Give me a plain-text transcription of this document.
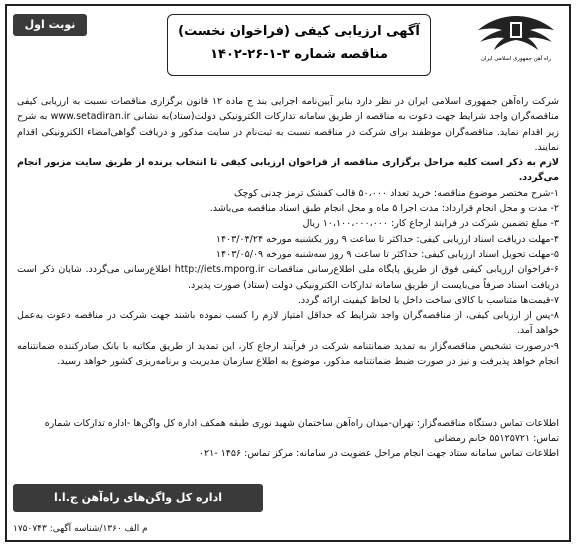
نوبت اول	آگهی ارزیابی کیفی (فراخوان نخست)
مناقصه شماره ۳-۱-۲۶-۱۴۰۲	راه آهن جمهوری اسلامی ایران

شرکت راه‌آهن جمهوری اسلامی ایران در نظر دارد بنابر آیین‌نامه اجرایی بند ج ماده ۱۲ قانون برگزاری مناقصات نسبت به ارزیابی کیفی مناقصه‌گران واجد شرایط جهت دعوت به مناقصه از طریق سامانه تدارکات الکترونیکی دولت(ستاد)به نشانی www.setadiran.ir به شرح زیر اقدام نماید. مناقصه‌گران موظفند برای شرکت در مناقصه نسبت به ثبت‌نام در سایت مذکور و دریافت گواهی‌امضاء الکترونیکی اقدام نمایند.

لازم به ذکر است کلیه مراحل برگزاری مناقصه از فراخوان ارزیابی کیفی تا انتخاب برنده از طریق سایت مزبور انجام می‌گردد.

۱-شرح مختصر موضوع مناقصه: خرید تعداد ۵۰،۰۰۰ قالب کفشک ترمز چدنی کوچک

۲- مدت و محل انجام قرارداد: مدت اجرا ۵ ماه و محل انجام طبق اسناد مناقصه می‌باشد.

۳- مبلغ تضمین شرکت در فرایند ارجاع کار: ۱۰،۱۰۰،۰۰۰،۰۰۰ ریال

۴-مهلت دریافت اسناد ارزیابی کیفی: حداکثر تا ساعت ۹ روز یکشنبه مورخه ۱۴۰۳/۰۴/۲۴

۵-مهلت تحویل اسناد ارزیابی کیفی: حداکثر تا ساعت ۹ روز سه‌شنبه مورخه ۱۴۰۳/۰۵/۰۹

۶-فراخوان ارزیابی کیفی فوق از طریق پایگاه ملی اطلاع‌رسانی مناقصات http://iets.mporg.ir اطلاع‌رسانی می‌گردد. شایان ذکر است دریافت اسناد صرفاً می‌بایست از طریق سامانه تدارکات الکترونیکی دولت (ستاد) صورت پذیرد.

۷-قیمت‌ها متناسب با کالای ساخت داخل با لحاظ کیفیت ارائه گردد.

۸-پس از ارزیابی کیفی، از مناقصه‌گران واجد شرایط که حداقل امتیاز لازم را کسب نموده باشند جهت شرکت در مناقصه دعوت به‌عمل خواهد آمد.

۹-درصورت تشخیص مناقصه‌گزار به تمدید ضمانتنامه شرکت در فرآیند ارجاع کار، این تمدید از طریق مکاتبه با بانک صادرکننده ضمانتنامه انجام خواهد پذیرفت و نیز در صورت ضبط ضمانتنامه مذکور، موضوع به اطلاع سازمان مدیریت و برنامه‌ریزی کشور خواهد رسید.

اطلاعات تماس دستگاه مناقصه‌گزار: تهران-میدان راه‌آهن ساختمان شهید نوری طبقه همکف اداره کل واگن‌ها -اداره تدارکات شماره تماس: ۵۵۱۲۵۷۲۱ خانم رمضانی

اطلاعات تماس سامانه ستاد جهت انجام مراحل عضویت در سامانه: مرکز تماس: ۱۴۵۶ -۰۲۱

اداره کل واگن‌های راه‌آهن ج.ا.ا
م الف ۱۳۶۰/شناسه آگهی: ۱۷۵۰۷۴۳
